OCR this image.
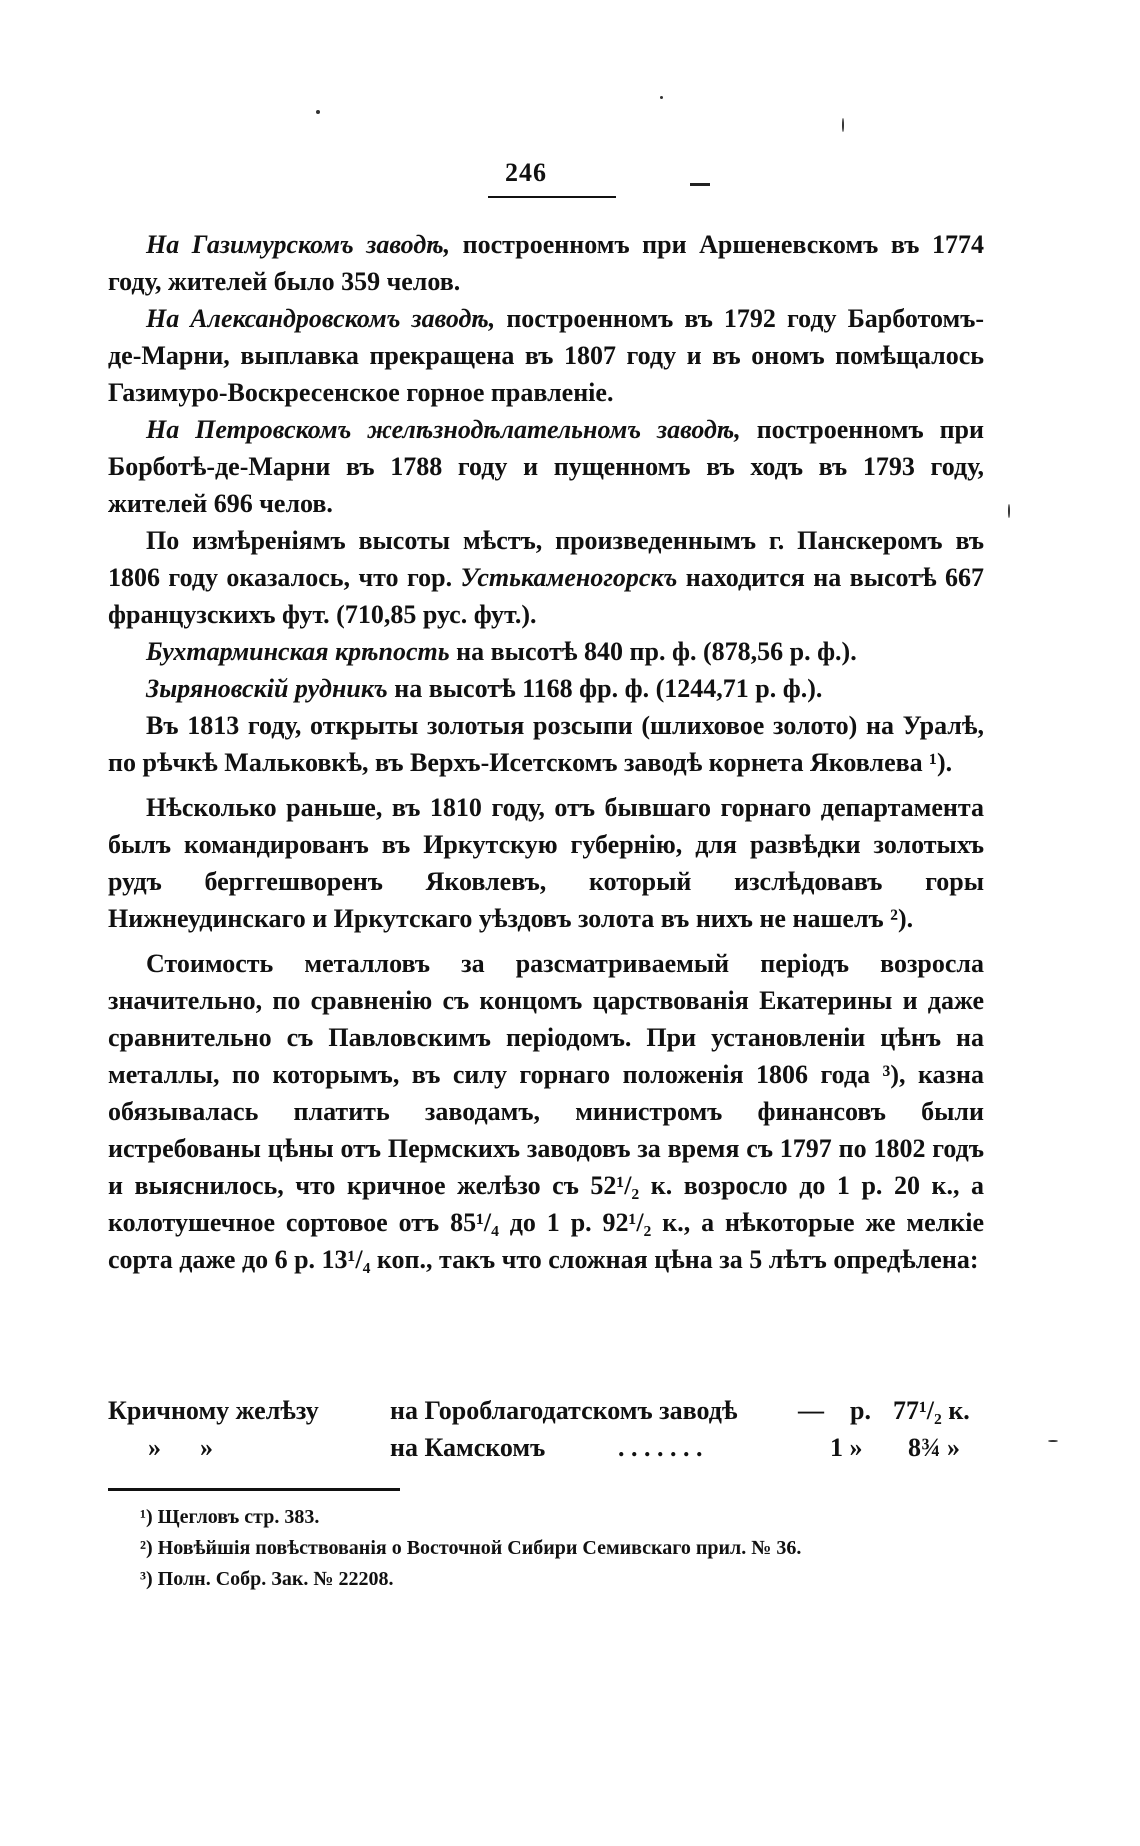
246

На Газимурскомъ заводѣ, построенномъ при Аршеневскомъ въ 1774 году, жителей было 359 челов.

На Александровскомъ заводѣ, построенномъ въ 1792 году Барботомъ-де-Марни, выплавка прекращена въ 1807 году и въ ономъ помѣщалось Газимуро-Воскресенское горное правленіе.

На Петровскомъ желѣзнодѣлательномъ заводѣ, построенномъ при Борботѣ-де-Марни въ 1788 году и пущенномъ въ ходъ въ 1793 году, жителей 696 челов.

По измѣреніямъ высоты мѣстъ, произведеннымъ г. Панскеромъ въ 1806 году оказалось, что гор. Устькаменогорскъ находится на высотѣ 667 французскихъ фут. (710,85 рус. фут.).

Бухтарминская крѣпость на высотѣ 840 пр. ф. (878,56 р. ф.).

Зыряновскій рудникъ на высотѣ 1168 фр. ф. (1244,71 р. ф.).

Въ 1813 году, открыты золотыя розсыпи (шлиховое золото) на Уралѣ, по рѣчкѣ Мальковкѣ, въ Верхъ-Исетскомъ заводѣ корнета Яковлева ¹).

Нѣсколько раньше, въ 1810 году, отъ бывшаго горнаго департамента былъ командированъ въ Иркутскую губернію, для развѣдки золотыхъ рудъ берггешворенъ Яковлевъ, который изслѣдовавъ горы Нижнеудинскаго и Иркутскаго уѣздовъ золота въ нихъ не нашелъ ²).

Стоимость металловъ за разсматриваемый періодъ возросла значительно, по сравненію съ концомъ царствованія Екатерины и даже сравнительно съ Павловскимъ періодомъ. При установленіи цѣнъ на металлы, по которымъ, въ силу горнаго положенія 1806 года ³), казна обязывалась платить заводамъ, министромъ финансовъ были истребованы цѣны отъ Пермскихъ заводовъ за время съ 1797 по 1802 годъ и выяснилось, что кричное желѣзо съ 52¹/₂ к. возросло до 1 р. 20 к., а колотушечное сортовое отъ 85¹/₄ до 1 р. 92¹/₂ к., а нѣкоторые же мелкіе сорта даже до 6 р. 13¹/₄ коп., такъ что сложная цѣна за 5 лѣтъ опредѣлена:

Кричному желѣзу	на Гороблагодатскомъ заводѣ — р. 77¹/₂ к.
»      »	на Камскомъ	. . . . . . .	1 » 8¾ »
¹) Щегловъ стр. 383.
²) Новѣйшія повѣствованія о Восточной Сибири Семивскаго прил. № 36.
³) Полн. Собр. Зак. № 22208.
